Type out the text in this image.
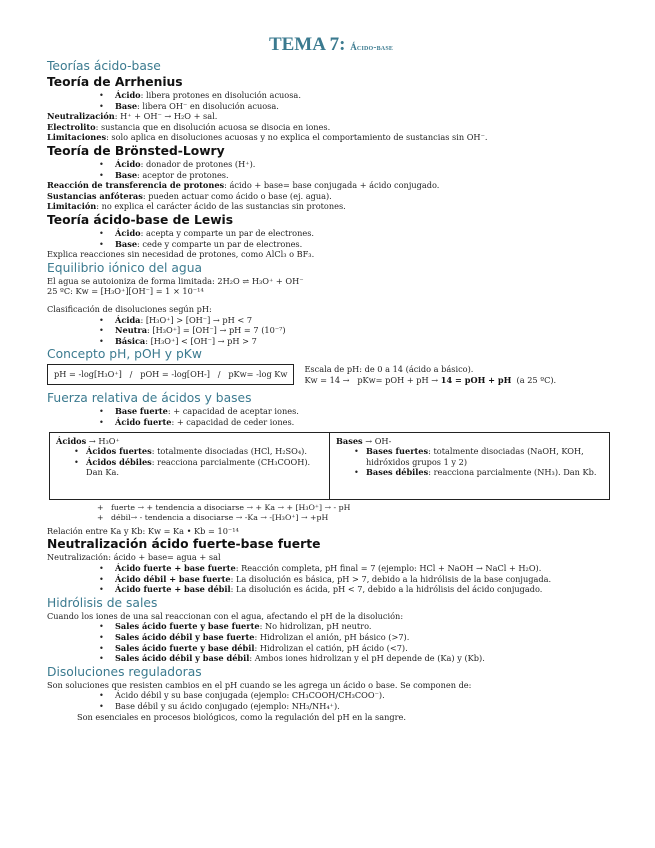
TEMA 7: Ácido-base
Teorías ácido-base
Teoría de Arrhenius
• Ácido: libera protones en disolución acuosa.
• Base: libera OH⁻ en disolución acuosa.
Neutralización: H⁺ + OH⁻ → H₂O + sal.
Electrolito: sustancia que en disolución acuosa se disocia en iones.
Limitaciones: solo aplica en disoluciones acuosas y no explica el comportamiento de sustancias sin OH⁻.
Teoría de Brönsted-Lowry
• Ácido: donador de protones (H⁺).
• Base: aceptor de protones.
Reacción de transferencia de protones: ácido + base= base conjugada + ácido conjugado.
Sustancias anfóteras: pueden actuar como ácido o base (ej. agua).
Limitación: no explica el carácter ácido de las sustancias sin protones.
Teoría ácido-base de Lewis
• Ácido: acepta y comparte un par de electrones.
• Base: cede y comparte un par de electrones.
Explica reacciones sin necesidad de protones, como AlCl₃ o BF₃.
Equilibrio iónico del agua
El agua se autoioniza de forma limitada: 2H₂O ⇌ H₃O⁺ + OH⁻
25 ºC: Kw = [H₃O⁺][OH⁻] = 1 × 10⁻¹⁴
Clasificación de disoluciones según pH:
• Ácida: [H₃O⁺] > [OH⁻] → pH < 7
• Neutra: [H₃O⁺] = [OH⁻] → pH = 7 (10⁻⁷)
• Básica: [H₃O⁺] < [OH⁻] → pH > 7
Concepto pH, pOH y pKw
pH = -log[H₃O⁺]   /   pOH = -log[OH-]   /   pKw= -log Kw	Escala de pH: de 0 a 14 (ácido a básico).
Kw = 14 →   pKw= pOH + pH → 14 = pOH + pH  (a 25 ºC).
Fuerza relativa de ácidos y bases
• Base fuerte: + capacidad de aceptar iones.
• Ácido fuerte: + capacidad de ceder iones.
Ácidos → H₃O⁺
• Ácidos fuertes: totalmente disociadas (HCl, H₂SO₄).
• Ácidos débiles: reacciona parcialmente (CH₃COOH). Dan Ka.
Bases → OH-
• Bases fuertes: totalmente disociadas (NaOH, KOH, hidróxidos grupos 1 y 2)
• Bases débiles: reacciona parcialmente (NH₃). Dan Kb.
+ fuerte → + tendencia a disociarse → + Ka → + [H₃O⁺] → - pH
+ débil→ - tendencia a disociarse → -Ka → -[H₃O⁺] → +pH
Relación entre Ka y Kb: Kw = Ka • Kb = 10⁻¹⁴
Neutralización ácido fuerte-base fuerte
Neutralización: ácido + base= agua + sal
• Ácido fuerte + base fuerte: Reacción completa, pH final = 7 (ejemplo: HCl + NaOH → NaCl + H₂O).
• Ácido débil + base fuerte: La disolución es básica, pH > 7, debido a la hidrólisis de la base conjugada.
• Ácido fuerte + base débil: La disolución es ácida, pH < 7, debido a la hidrólisis del ácido conjugado.
Hidrólisis de sales
Cuando los iones de una sal reaccionan con el agua, afectando el pH de la disolución:
• Sales ácido fuerte y base fuerte: No hidrolizan, pH neutro.
• Sales ácido débil y base fuerte: Hidrolizan el anión, pH básico (>7).
• Sales ácido fuerte y base débil: Hidrolizan el catión, pH ácido (<7).
• Sales ácido débil y base débil: Ambos iones hidrolizan y el pH depende de (Ka) y (Kb).
Disoluciones reguladoras
Son soluciones que resisten cambios en el pH cuando se les agrega un ácido o base. Se componen de:
• Ácido débil y su base conjugada (ejemplo: CH₃COOH/CH₃COO⁻).
• Base débil y su ácido conjugado (ejemplo: NH₃/NH₄⁺).
Son esenciales en procesos biológicos, como la regulación del pH en la sangre.
